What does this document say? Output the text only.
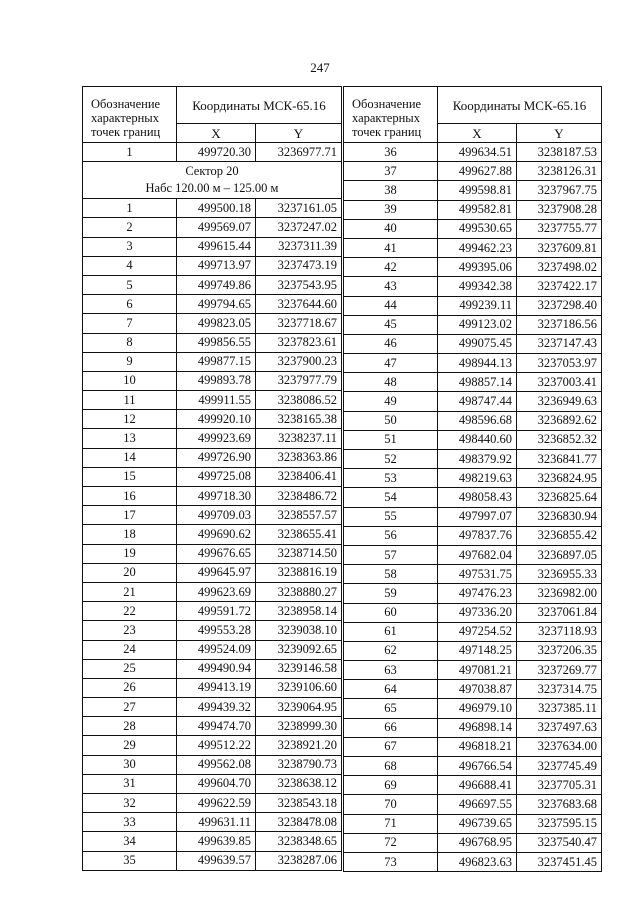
247
Обозначение характерных точек границ	Координаты МСК-65.16	
	X	Y
1	499720.30	3236977.71
Сектор 20
Набс 120.00 м – 125.00 м		
1	499500.18	3237161.05
2	499569.07	3237247.02
3	499615.44	3237311.39
4	499713.97	3237473.19
5	499749.86	3237543.95
6	499794.65	3237644.60
7	499823.05	3237718.67
8	499856.55	3237823.61
9	499877.15	3237900.23
10	499893.78	3237977.79
11	499911.55	3238086.52
12	499920.10	3238165.38
13	499923.69	3238237.11
14	499726.90	3238363.86
15	499725.08	3238406.41
16	499718.30	3238486.72
17	499709.03	3238557.57
18	499690.62	3238655.41
19	499676.65	3238714.50
20	499645.97	3238816.19
21	499623.69	3238880.27
22	499591.72	3238958.14
23	499553.28	3239038.10
24	499524.09	3239092.65
25	499490.94	3239146.58
26	499413.19	3239106.60
27	499439.32	3239064.95
28	499474.70	3238999.30
29	499512.22	3238921.20
30	499562.08	3238790.73
31	499604.70	3238638.12
32	499622.59	3238543.18
33	499631.11	3238478.08
34	499639.85	3238348.65
35	499639.57	3238287.06
Обозначение характерных точек границ	Координаты МСК-65.16	
	X	Y
36	499634.51	3238187.53
37	499627.88	3238126.31
38	499598.81	3237967.75
39	499582.81	3237908.28
40	499530.65	3237755.77
41	499462.23	3237609.81
42	499395.06	3237498.02
43	499342.38	3237422.17
44	499239.11	3237298.40
45	499123.02	3237186.56
46	499075.45	3237147.43
47	498944.13	3237053.97
48	498857.14	3237003.41
49	498747.44	3236949.63
50	498596.68	3236892.62
51	498440.60	3236852.32
52	498379.92	3236841.77
53	498219.63	3236824.95
54	498058.43	3236825.64
55	497997.07	3236830.94
56	497837.76	3236855.42
57	497682.04	3236897.05
58	497531.75	3236955.33
59	497476.23	3236982.00
60	497336.20	3237061.84
61	497254.52	3237118.93
62	497148.25	3237206.35
63	497081.21	3237269.77
64	497038.87	3237314.75
65	496979.10	3237385.11
66	496898.14	3237497.63
67	496818.21	3237634.00
68	496766.54	3237745.49
69	496688.41	3237705.31
70	496697.55	3237683.68
71	496739.65	3237595.15
72	496768.95	3237540.47
73	496823.63	3237451.45
